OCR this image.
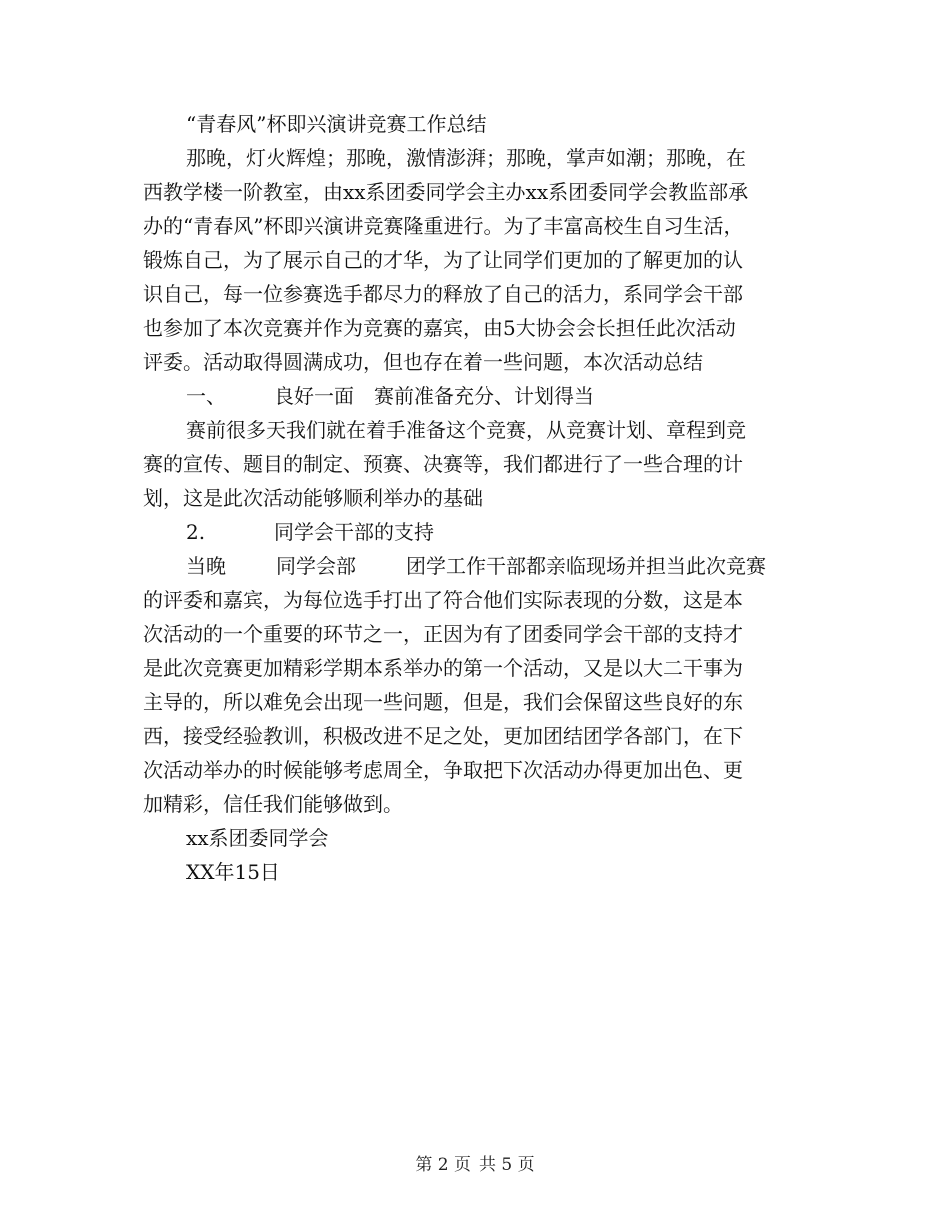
“青春风”杯即兴演讲竞赛工作总结
那晚，灯火辉煌；那晚，激情澎湃；那晚，掌声如潮；那晚，在
西教学楼一阶教室，由xx系团委同学会主办xx系团委同学会教监部承
办的“青春风”杯即兴演讲竞赛隆重进行。为了丰富高校生自习生活，
锻炼自己，为了展示自己的才华，为了让同学们更加的了解更加的认
识自己，每一位参赛选手都尽力的释放了自己的活力，系同学会干部
也参加了本次竞赛并作为竞赛的嘉宾，由5大协会会长担任此次活动
评委。活动取得圆满成功，但也存在着一些问题，本次活动总结
一、 良好一面 赛前准备充分、计划得当
赛前很多天我们就在着手准备这个竞赛，从竞赛计划、章程到竞
赛的宣传、题目的制定、预赛、决赛等，我们都进行了一些合理的计
划，这是此次活动能够顺利举办的基础
2.	同学会干部的支持
当晚	同学会部	团学工作干部都亲临现场并担当此次竞赛
的评委和嘉宾，为每位选手打出了符合他们实际表现的分数，这是本
次活动的一个重要的环节之一，正因为有了团委同学会干部的支持才
是此次竞赛更加精彩学期本系举办的第一个活动，又是以大二干事为
主导的，所以难免会出现一些问题，但是，我们会保留这些良好的东
西，接受经验教训，积极改进不足之处，更加团结团学各部门，在下
次活动举办的时候能够考虑周全，争取把下次活动办得更加出色、更
加精彩，信任我们能够做到。
xx系团委同学会
XX年15日
第 2 页 共 5 页
